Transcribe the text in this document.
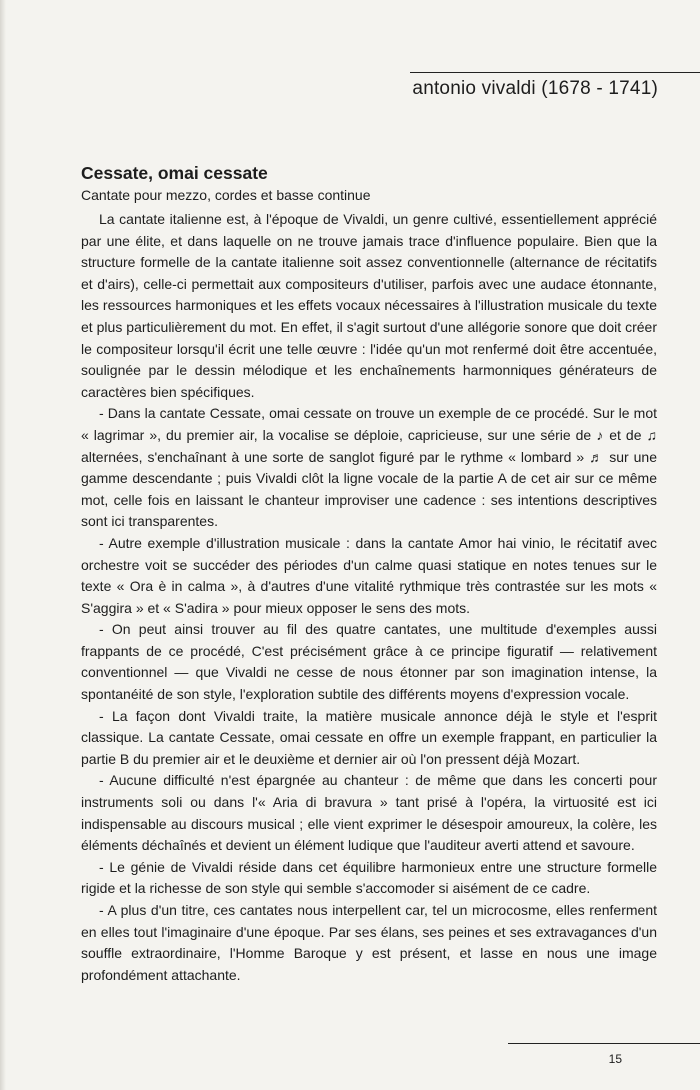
antonio vivaldi (1678 - 1741)
Cessate, omai cessate
Cantate pour mezzo, cordes et basse continue

La cantate italienne est, à l'époque de Vivaldi, un genre cultivé, essentiellement apprécié par une élite, et dans laquelle on ne trouve jamais trace d'influence populaire. Bien que la structure formelle de la cantate italienne soit assez conventionnelle (alternance de récitatifs et d'airs), celle-ci permettait aux compositeurs d'utiliser, parfois avec une audace étonnante, les ressources harmoniques et les effets vocaux nécessaires à l'illustration musicale du texte et plus particulièrement du mot. En effet, il s'agit surtout d'une allégorie sonore que doit créer le compositeur lorsqu'il écrit une telle œuvre : l'idée qu'un mot renfermé doit être accentuée, soulignée par le dessin mélodique et les enchaînements harmonniques générateurs de caractères bien spécifiques.

- Dans la cantate Cessate, omai cessate on trouve un exemple de ce procédé. Sur le mot « lagrimar », du premier air, la vocalise se déploie, capricieuse, sur une série de ♪ et de ♫ alternées, s'enchaînant à une sorte de sanglot figuré par le rythme « lombard » ♬ sur une gamme descendante ; puis Vivaldi clôt la ligne vocale de la partie A de cet air sur ce même mot, celle fois en laissant le chanteur improviser une cadence : ses intentions descriptives sont ici transparentes.

- Autre exemple d'illustration musicale : dans la cantate Amor hai vinio, le récitatif avec orchestre voit se succéder des périodes d'un calme quasi statique en notes tenues sur le texte « Ora è in calma », à d'autres d'une vitalité rythmique très contrastée sur les mots « S'aggira » et « S'adira » pour mieux opposer le sens des mots.

- On peut ainsi trouver au fil des quatre cantates, une multitude d'exemples aussi frappants de ce procédé, C'est précisément grâce à ce principe figuratif — relativement conventionnel — que Vivaldi ne cesse de nous étonner par son imagination intense, la spontanéité de son style, l'exploration subtile des différents moyens d'expression vocale.

- La façon dont Vivaldi traite, la matière musicale annonce déjà le style et l'esprit classique. La cantate Cessate, omai cessate en offre un exemple frappant, en particulier la partie B du premier air et le deuxième et dernier air où l'on pressent déjà Mozart.

- Aucune difficulté n'est épargnée au chanteur : de même que dans les concerti pour instruments soli ou dans l'« Aria di bravura » tant prisé à l'opéra, la virtuosité est ici indispensable au discours musical ; elle vient exprimer le désespoir amoureux, la colère, les éléments déchaînés et devient un élément ludique que l'auditeur averti attend et savoure.

- Le génie de Vivaldi réside dans cet équilibre harmonieux entre une structure formelle rigide et la richesse de son style qui semble s'accomoder si aisément de ce cadre.

- A plus d'un titre, ces cantates nous interpellent car, tel un microcosme, elles renferment en elles tout l'imaginaire d'une époque. Par ses élans, ses peines et ses extravagances d'un souffle extraordinaire, l'Homme Baroque y est présent, et lasse en nous une image profondément attachante.

15
